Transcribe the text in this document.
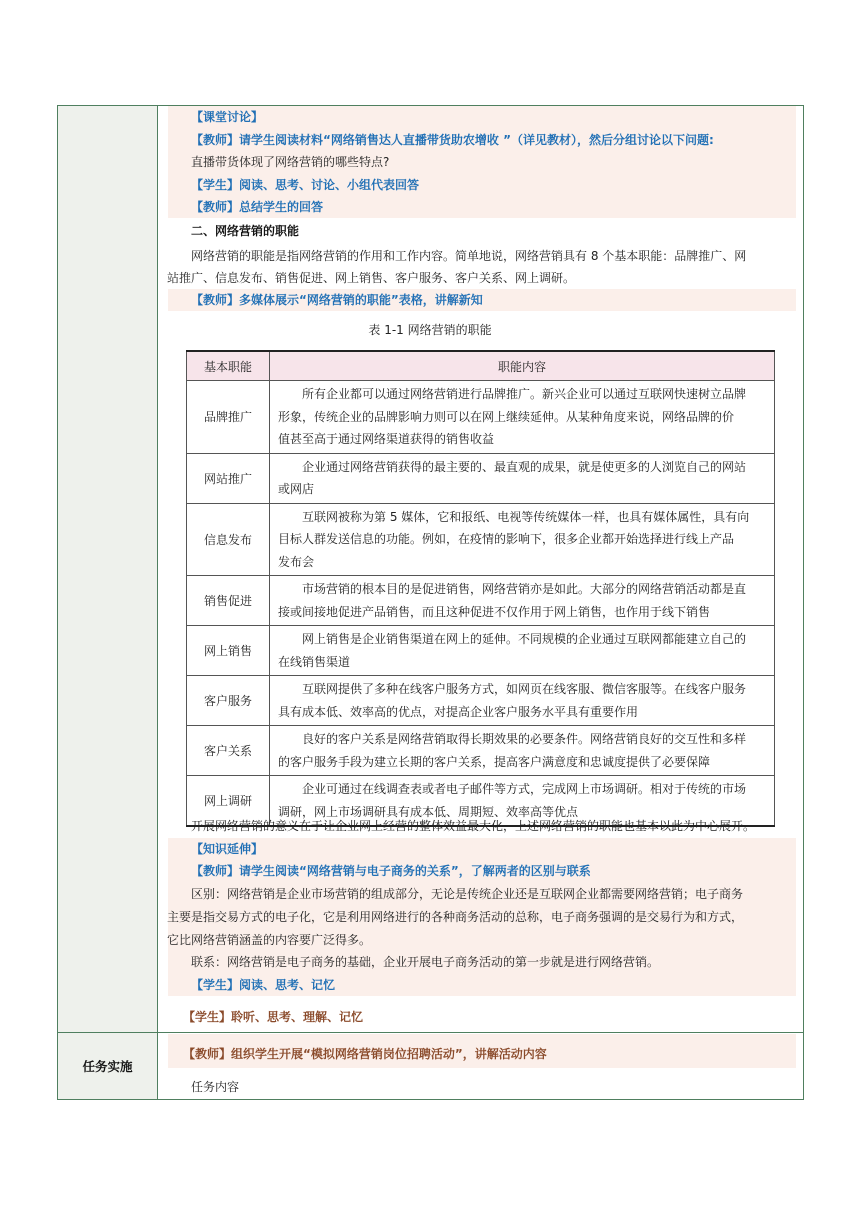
【课堂讨论】
【教师】请学生阅读材料“网络销售达人直播带货助农增收 ”（详见教材），然后分组讨论以下问题:
直播带货体现了网络营销的哪些特点?
【学生】阅读、思考、讨论、小组代表回答
【教师】总结学生的回答
二、网络营销的职能
网络营销的职能是指网络营销的作用和工作内容。简单地说，网络营销具有 8 个基本职能：品牌推广、网
站推广、信息发布、销售促进、网上销售、客户服务、客户关系、网上调研。
【教师】多媒体展示“网络营销的职能”表格，讲解新知
表 1-1 网络营销的职能
基本职能	职能内容
品牌推广	所有企业都可以通过网络营销进行品牌推广。新兴企业可以通过互联网快速树立品牌
形象，传统企业的品牌影响力则可以在网上继续延伸。从某种角度来说，网络品牌的价
值甚至高于通过网络渠道获得的销售收益
网站推广	企业通过网络营销获得的最主要的、最直观的成果，就是使更多的人浏览自己的网站
或网店
信息发布	互联网被称为第 5 媒体，它和报纸、电视等传统媒体一样，也具有媒体属性，具有向
目标人群发送信息的功能。例如，在疫情的影响下，很多企业都开始选择进行线上产品
发布会
销售促进	市场营销的根本目的是促进销售，网络营销亦是如此。大部分的网络营销活动都是直
接或间接地促进产品销售，而且这种促进不仅作用于网上销售，也作用于线下销售
网上销售	网上销售是企业销售渠道在网上的延伸。不同规模的企业通过互联网都能建立自己的
在线销售渠道
客户服务	互联网提供了多种在线客户服务方式，如网页在线客服、微信客服等。在线客户服务
具有成本低、效率高的优点，对提高企业客户服务水平具有重要作用
客户关系	良好的客户关系是网络营销取得长期效果的必要条件。网络营销良好的交互性和多样
的客户服务手段为建立长期的客户关系，提高客户满意度和忠诚度提供了必要保障
网上调研	企业可通过在线调查表或者电子邮件等方式，完成网上市场调研。相对于传统的市场
调研，网上市场调研具有成本低、周期短、效率高等优点
开展网络营销的意义在于让企业网上经营的整体效益最大化，上述网络营销的职能也基本以此为中心展开。
【知识延伸】
【教师】请学生阅读“网络营销与电子商务的关系”，了解两者的区别与联系
区别：网络营销是企业市场营销的组成部分，无论是传统企业还是互联网企业都需要网络营销；电子商务
主要是指交易方式的电子化，它是利用网络进行的各种商务活动的总称，电子商务强调的是交易行为和方式，
它比网络营销涵盖的内容要广泛得多。
联系：网络营销是电子商务的基础，企业开展电子商务活动的第一步就是进行网络营销。
【学生】阅读、思考、记忆
【学生】聆听、思考、理解、记忆
任务实施
【教师】组织学生开展“模拟网络营销岗位招聘活动”，讲解活动内容
任务内容
